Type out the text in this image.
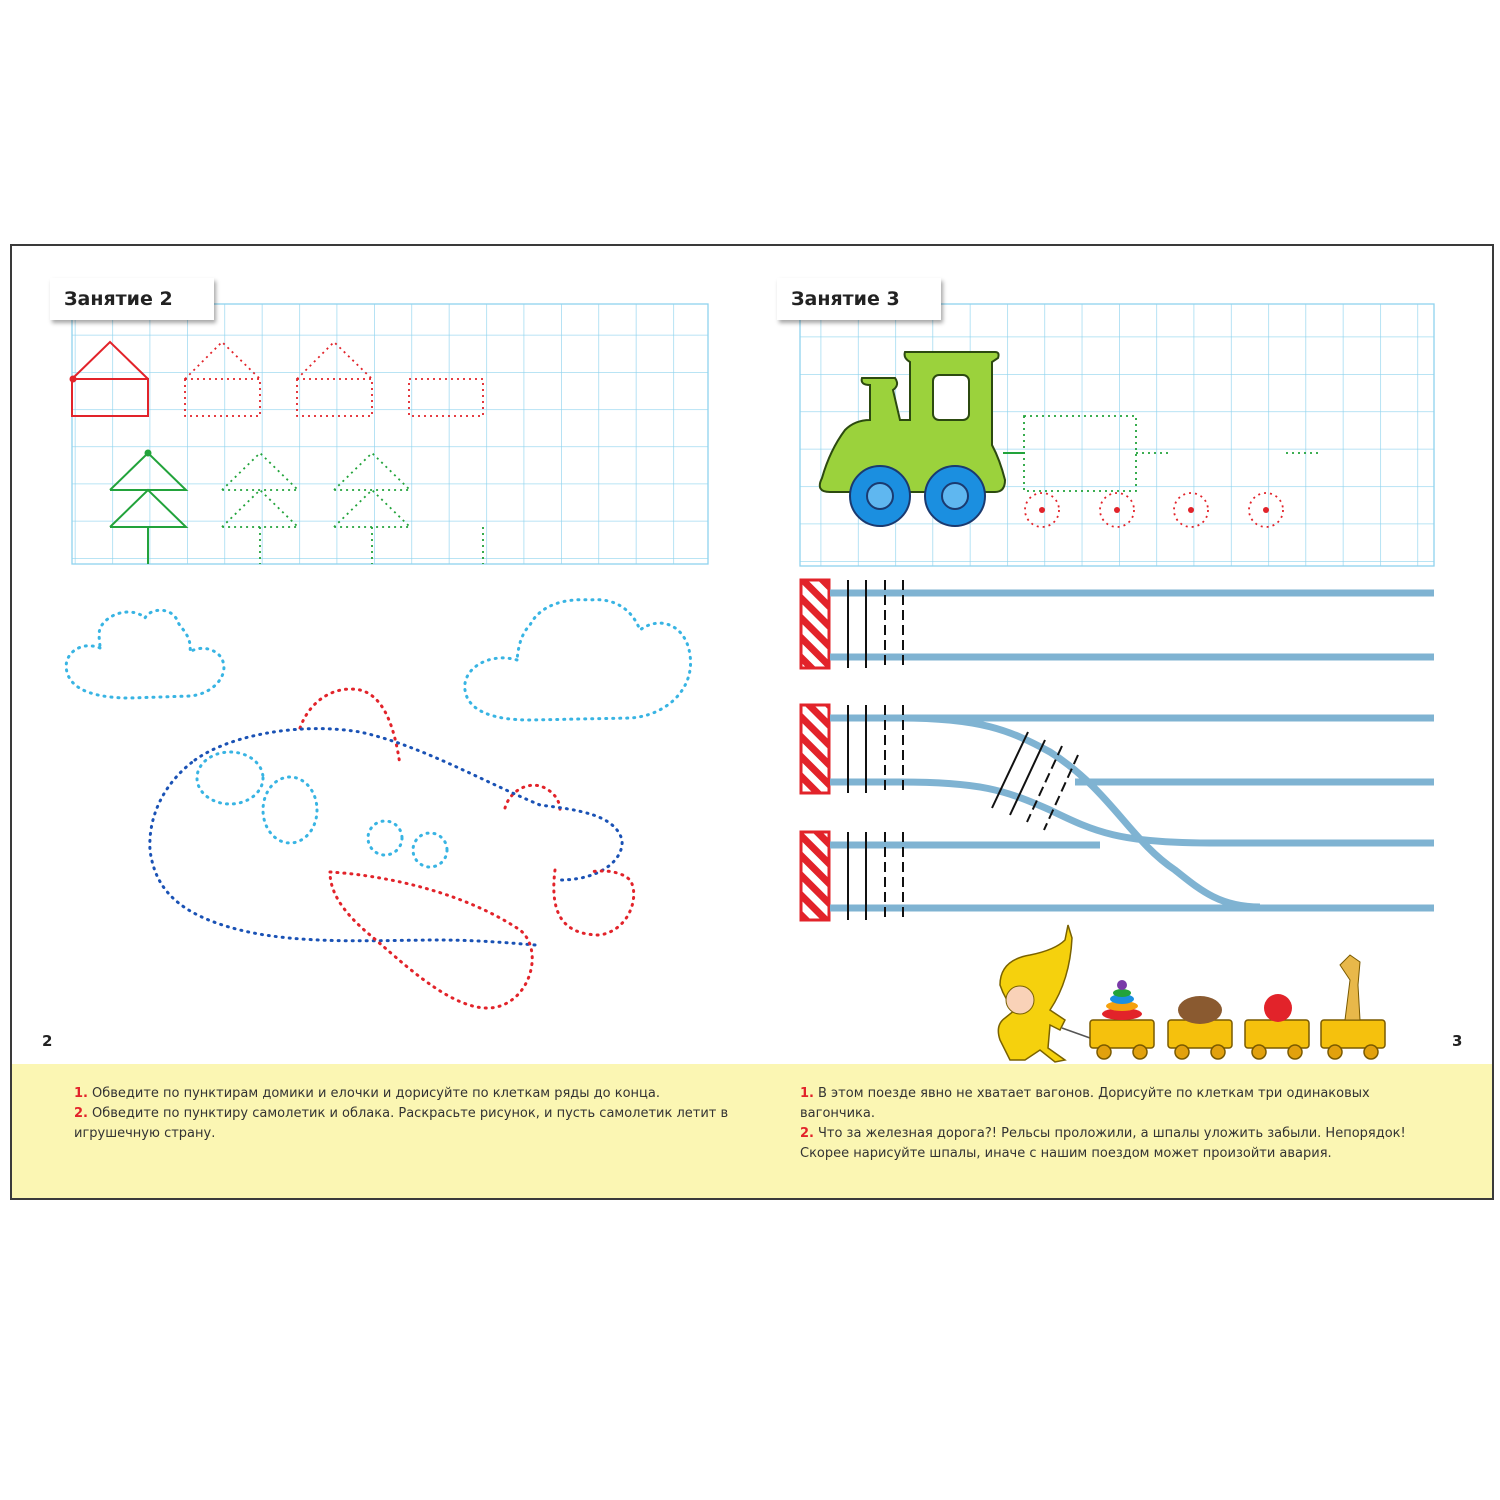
Занятие 2	Занятие 3
2	3

1. Обведите по пунктирам домики и елочки и дорисуйте по клеткам ряды до конца.

2. Обведите по пунктиру самолетик и облака. Раскрасьте рисунок, и пусть самолетик летит в игрушечную страну.

1. В этом поезде явно не хватает вагонов. Дорисуйте по клеткам три одинаковых вагончика.

2. Что за железная дорога?! Рельсы проложили, а шпалы уложить забыли. Непорядок! Скорее нарисуйте шпалы, иначе с нашим поездом может произойти авария.
